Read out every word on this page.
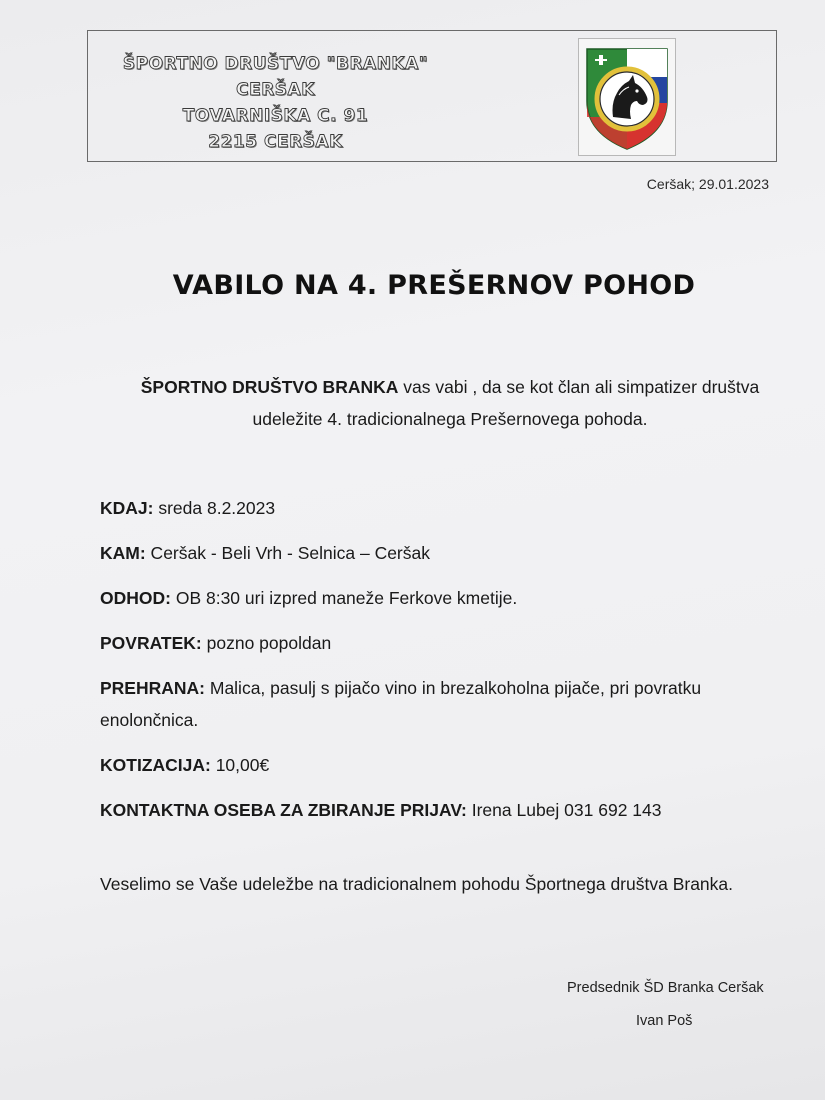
ŠPORTNO DRUŠTVO "BRANKA"
CERŠAK
TOVARNIŠKA C. 91
2215 CERŠAK
Ceršak; 29.01.2023
VABILO NA 4. PREŠERNOV POHOD
ŠPORTNO DRUŠTVO BRANKA vas vabi , da se kot član ali simpatizer društva
udeležite 4. tradicionalnega Prešernovega pohoda.
KDAJ: sreda 8.2.2023
KAM: Ceršak - Beli Vrh - Selnica – Ceršak
ODHOD: OB 8:30 uri izpred maneže Ferkove kmetije.
POVRATEK: pozno popoldan
PREHRANA: Malica, pasulj s pijačo vino in brezalkoholna pijače, pri povratku enolončnica.
KOTIZACIJA: 10,00€
KONTAKTNA OSEBA ZA ZBIRANJE PRIJAV: Irena Lubej 031 692 143
Veselimo se Vaše udeležbe na tradicionalnem pohodu Športnega društva Branka.
Predsednik ŠD Branka Ceršak
Ivan Poš
